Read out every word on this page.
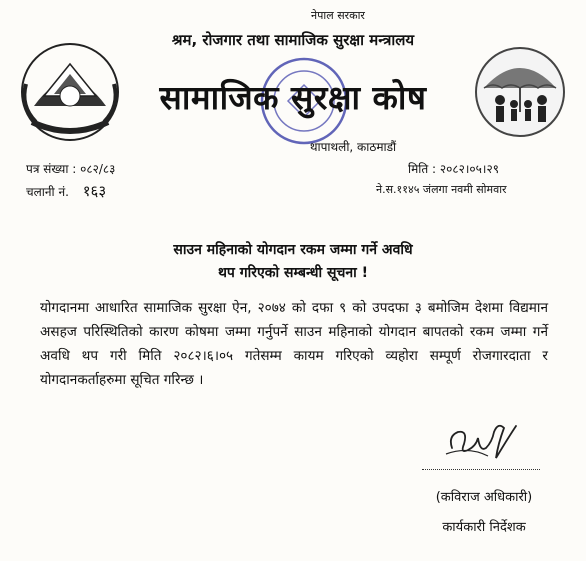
नेपाल सरकार
श्रम, रोजगार तथा सामाजिक सुरक्षा मन्त्रालय
सामाजिक सुरक्षा कोष
थापाथली, काठमाडौं
पत्र संख्या : ०८२/८३
चलानी नं. १६३
मिति : २०८२।०५।२९
ने.स.११४५ जंलगा नवमी सोमवार
साउन महिनाको योगदान रकम जम्मा गर्ने अवधि
थप गरिएको सम्बन्धी सूचना !
योगदानमा आधारित सामाजिक सुरक्षा ऐन, २०७४ को दफा ९ को उपदफा ३ बमोजिम देशमा विद्यमान असहज परिस्थितिको कारण कोषमा जम्मा गर्नुपर्ने साउन महिनाको योगदान बापतको रकम जम्मा गर्ने अवधि थप गरी मिति २०८२।६।०५ गतेसम्म कायम गरिएको व्यहोरा सम्पूर्ण रोजगारदाता र योगदानकर्ताहरुमा सूचित गरिन्छ ।
(कविराज अधिकारी)
कार्यकारी निर्देशक
